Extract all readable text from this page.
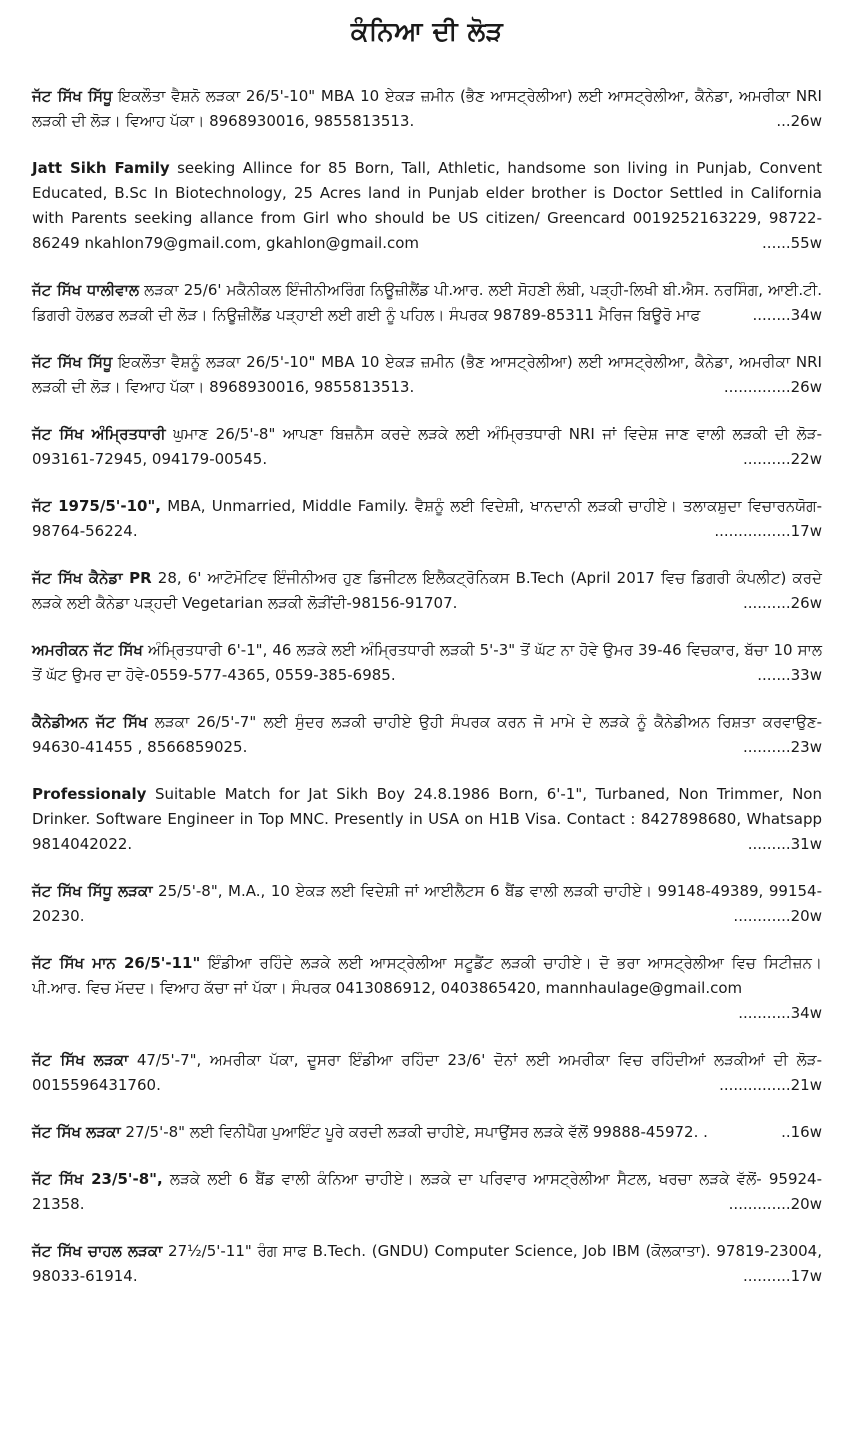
ਕੰਨਿਆ ਦੀ ਲੋੜ
ਜੱਟ ਸਿੱਖ ਸਿੱਧੂ ਇਕਲੌਤਾ ਵੈਸ਼ਨੋ ਲੜਕਾ 26/5'-10" MBA 10 ਏਕੜ ਜ਼ਮੀਨ (ਭੈਣ ਆਸਟ੍ਰੇਲੀਆ) ਲਈ ਆਸਟ੍ਰੇਲੀਆ, ਕੈਨੇਡਾ, ਅਮਰੀਕਾ NRI ਲੜਕੀ ਦੀ ਲੋੜ। ਵਿਆਹ ਪੱਕਾ। 8968930016, 9855813513.	...26w
Jatt Sikh Family seeking Allince for 85 Born, Tall, Athletic, handsome son living in Punjab, Convent Educated, B.Sc In Biotechnology, 25 Acres land in Punjab elder brother is Doctor Settled in California with Parents seeking allance from Girl who should be US citizen/ Greencard 0019252163229, 98722-86249 nkahlon79@gmail.com, gkahlon@gmail.com	......55w
ਜੱਟ ਸਿੱਖ ਧਾਲੀਵਾਲ ਲੜਕਾ 25/6' ਮਕੈਨੀਕਲ ਇੰਜੀਨੀਅਰਿੰਗ ਨਿਊਜ਼ੀਲੈਂਡ ਪੀ.ਆਰ. ਲਈ ਸੋਹਣੀ ਲੰਬੀ, ਪੜ੍ਹੀ-ਲਿਖੀ ਬੀ.ਐਸ. ਨਰਸਿੰਗ, ਆਈ.ਟੀ. ਡਿਗਰੀ ਹੋਲਡਰ ਲੜਕੀ ਦੀ ਲੋੜ। ਨਿਊਜ਼ੀਲੈਂਡ ਪੜ੍ਹਾਈ ਲਈ ਗਈ ਨੂੰ ਪਹਿਲ। ਸੰਪਰਕ 98789-85311 ਮੈਰਿਜ ਬਿਊਰੋ ਮਾਫ	........34w
ਜੱਟ ਸਿੱਖ ਸਿੱਧੂ ਇਕਲੌਤਾ ਵੈਸ਼ਨੂੰ ਲੜਕਾ 26/5'-10" MBA 10 ਏਕੜ ਜ਼ਮੀਨ (ਭੈਣ ਆਸਟ੍ਰੇਲੀਆ) ਲਈ ਆਸਟ੍ਰੇਲੀਆ, ਕੈਨੇਡਾ, ਅਮਰੀਕਾ NRI ਲੜਕੀ ਦੀ ਲੋੜ। ਵਿਆਹ ਪੱਕਾ। 8968930016, 9855813513.	..............26w
ਜੱਟ ਸਿੱਖ ਅੰਮ੍ਰਿਤਧਾਰੀ ਘੁਮਾਣ 26/5'-8" ਆਪਣਾ ਬਿਜ਼ਨੈਸ ਕਰਦੇ ਲੜਕੇ ਲਈ ਅੰਮ੍ਰਿਤਧਾਰੀ NRI ਜਾਂ ਵਿਦੇਸ਼ ਜਾਣ ਵਾਲੀ ਲੜਕੀ ਦੀ ਲੋੜ- 093161-72945, 094179-00545.	..........22w
ਜੱਟ 1975/5'-10", MBA, Unmarried, Middle Family. ਵੈਸ਼ਨੂੰ ਲਈ ਵਿਦੇਸ਼ੀ, ਖਾਨਦਾਨੀ ਲੜਕੀ ਚਾਹੀਏ। ਤਲਾਕਸ਼ੁਦਾ ਵਿਚਾਰਨਯੋਗ- 98764-56224.	................17w
ਜੱਟ ਸਿੱਖ ਕੈਨੇਡਾ PR 28, 6' ਆਟੋਮੋਟਿਵ ਇੰਜੀਨੀਅਰ ਹੁਣ ਡਿਜੀਟਲ ਇਲੈਕਟ੍ਰੋਨਿਕਸ B.Tech (April 2017 ਵਿਚ ਡਿਗਰੀ ਕੰਪਲੀਟ) ਕਰਦੇ ਲੜਕੇ ਲਈ ਕੈਨੇਡਾ ਪੜ੍ਹਦੀ Vegetarian ਲੜਕੀ ਲੋੜੀਂਦੀ-98156-91707.	..........26w
ਅਮਰੀਕਨ ਜੱਟ ਸਿੱਖ ਅੰਮ੍ਰਿਤਧਾਰੀ 6'-1", 46 ਲੜਕੇ ਲਈ ਅੰਮ੍ਰਿਤਧਾਰੀ ਲੜਕੀ 5'-3" ਤੋਂ ਘੱਟ ਨਾ ਹੋਵੇ ਉਮਰ 39-46 ਵਿਚਕਾਰ, ਬੱਚਾ 10 ਸਾਲ ਤੋਂ ਘੱਟ ਉਮਰ ਦਾ ਹੋਵੇ-0559-577-4365, 0559-385-6985.	.......33w
ਕੈਨੇਡੀਅਨ ਜੱਟ ਸਿੱਖ ਲੜਕਾ 26/5'-7" ਲਈ ਸੁੰਦਰ ਲੜਕੀ ਚਾਹੀਏ ਉਹੀ ਸੰਪਰਕ ਕਰਨ ਜੋ ਮਾਮੇ ਦੇ ਲੜਕੇ ਨੂੰ ਕੈਨੇਡੀਅਨ ਰਿਸ਼ਤਾ ਕਰਵਾਉਣ- 94630-41455 , 8566859025.	..........23w
Professionaly Suitable Match for Jat Sikh Boy 24.8.1986 Born, 6'-1", Turbaned, Non Trimmer, Non Drinker. Software Engineer in Top MNC. Presently in USA on H1B Visa. Contact : 8427898680, Whatsapp 9814042022.	.........31w
ਜੱਟ ਸਿੱਖ ਸਿੱਧੂ ਲੜਕਾ 25/5'-8", M.A., 10 ਏਕੜ ਲਈ ਵਿਦੇਸ਼ੀ ਜਾਂ ਆਈਲੈਟਸ 6 ਬੈਂਡ ਵਾਲੀ ਲੜਕੀ ਚਾਹੀਏ। 99148-49389, 99154-20230.	............20w
ਜੱਟ ਸਿੱਖ ਮਾਨ 26/5'-11" ਇੰਡੀਆ ਰਹਿੰਦੇ ਲੜਕੇ ਲਈ ਆਸਟ੍ਰੇਲੀਆ ਸਟੂਡੈਂਟ ਲੜਕੀ ਚਾਹੀਏ। ਦੋ ਭਰਾ ਆਸਟ੍ਰੇਲੀਆ ਵਿਚ ਸਿਟੀਜ਼ਨ। ਪੀ.ਆਰ. ਵਿਚ ਮੱਦਦ। ਵਿਆਹ ਕੱਚਾ ਜਾਂ ਪੱਕਾ। ਸੰਪਰਕ 0413086912, 0403865420, mannhaulage@gmail.com
...........34w
ਜੱਟ ਸਿੱਖ ਲੜਕਾ 47/5'-7", ਅਮਰੀਕਾ ਪੱਕਾ, ਦੂਸਰਾ ਇੰਡੀਆ ਰਹਿੰਦਾ 23/6' ਦੋਨਾਂ ਲਈ ਅਮਰੀਕਾ ਵਿਚ ਰਹਿੰਦੀਆਂ ਲੜਕੀਆਂ ਦੀ ਲੋੜ- 0015596431760.	...............21w
ਜੱਟ ਸਿੱਖ ਲੜਕਾ 27/5'-8" ਲਈ ਵਿਨੀਪੈਗ ਪੁਆਇੰਟ ਪੂਰੇ ਕਰਦੀ ਲੜਕੀ ਚਾਹੀਏ, ਸਪਾਉਂਸਰ ਲੜਕੇ ਵੱਲੋਂ 99888-45972. .	..16w
ਜੱਟ ਸਿੱਖ 23/5'-8", ਲੜਕੇ ਲਈ 6 ਬੈਂਡ ਵਾਲੀ ਕੰਨਿਆ ਚਾਹੀਏ। ਲੜਕੇ ਦਾ ਪਰਿਵਾਰ ਆਸਟ੍ਰੇਲੀਆ ਸੈਟਲ, ਖਰਚਾ ਲੜਕੇ ਵੱਲੋਂ- 95924-21358.	.............20w
ਜੱਟ ਸਿੱਖ ਚਾਹਲ ਲੜਕਾ 27½/5'-11" ਰੰਗ ਸਾਫ B.Tech. (GNDU) Computer Science, Job IBM (ਕੋਲਕਾਤਾ). 97819-23004, 98033-61914.	..........17w
